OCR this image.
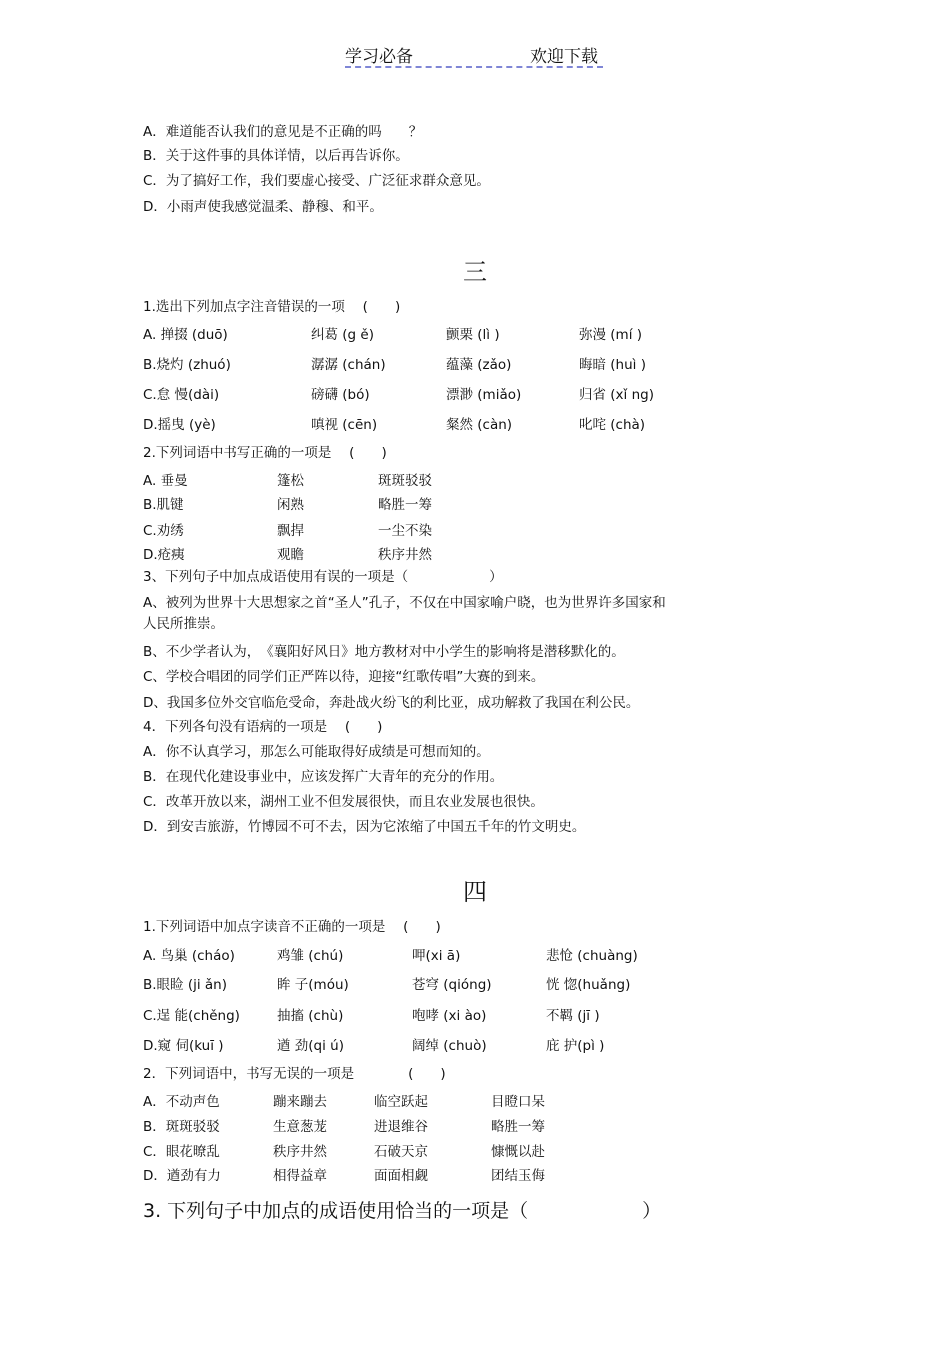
学习必备	欢迎下载
A．难道能否认我们的意见是不正确的吗　　？
B．关于这件事的具体详情，以后再告诉你。
C．为了搞好工作，我们要虚心接受、广泛征求群众意见。
D．小雨声使我感觉温柔、静穆、和平。
三
1.选出下列加点字注音错误的一项　 (　　)
A. 掸掇 (duō)	纠葛 (g ě)	颤栗 (lì )	弥漫 (mí )
B.烧灼 (zhuó)	潺潺 (chán)	蕴藻 (zǎo)	晦暗 (huì )
C.怠 慢(dài)	磅礴 (bó)	漂渺 (miǎo)	归省 (xǐ ng)
D.摇曳 (yè)	嗔视 (cēn)	粲然 (càn)	叱咤 (chà)
2.下列词语中书写正确的一项是　 (　　)
A. 垂曼	篷松	斑斑驳驳
B.肌键	闲熟	略胜一筹
C.劝绣	飘捍	一尘不染
D.疮痍	观瞻	秩序井然
3、下列句子中加点成语使用有误的一项是（　　　　　　）
A、被列为世界十大思想家之首“圣人”孔子，不仅在中国家喻户晓，也为世界许多国家和
人民所推崇。
B、不少学者认为，　《襄阳好风日》地方教材对中小学生的影响将是潜移默化的。
C、学校合唱团的同学们正严阵以待，迎接“红歌传唱”大赛的到来。
D、我国多位外交官临危受命，奔赴战火纷飞的利比亚，成功解救了我国在利公民。
4．下列各句没有语病的一项是　 (　　)
A．你不认真学习，那怎么可能取得好成绩是可想而知的。
B．在现代化建设事业中，应该发挥广大青年的充分的作用。
C．改革开放以来，湖州工业不但发展很快，而且农业发展也很快。
D．到安吉旅游，竹博园不可不去，因为它浓缩了中国五千年的竹文明史。
四
1.下列词语中加点字读音不正确的一项是　 (　　)
A. 鸟巢 (cháo)	鸡雏 (chú)	呷(xi ā)	悲怆 (chuàng)
B.眼睑 (ji ǎn)	眸 子(móu)	苍穹 (qióng)	恍 惚(huǎng)
C.逞 能(chěng)	抽搐 (chù)	咆哮 (xi ào)	不羁 (jī )
D.窥 伺(kuī )	遒 劲(qi ú)	阔绰 (chuò)	庇 护(pì )
2．下列词语中，书写无误的一项是　　　　(　　)
A．不动声色	蹦来蹦去	临空跃起	目瞪口呆
B．斑斑驳驳	生意葱茏	进退维谷	略胜一筹
C．眼花暸乱	秩序井然	石破天京	慷慨以赴
D．遒劲有力	相得益章	面面相觑	团结玉侮
3. 下列句子中加点的成语使用恰当的一项是（　　　　　　）
